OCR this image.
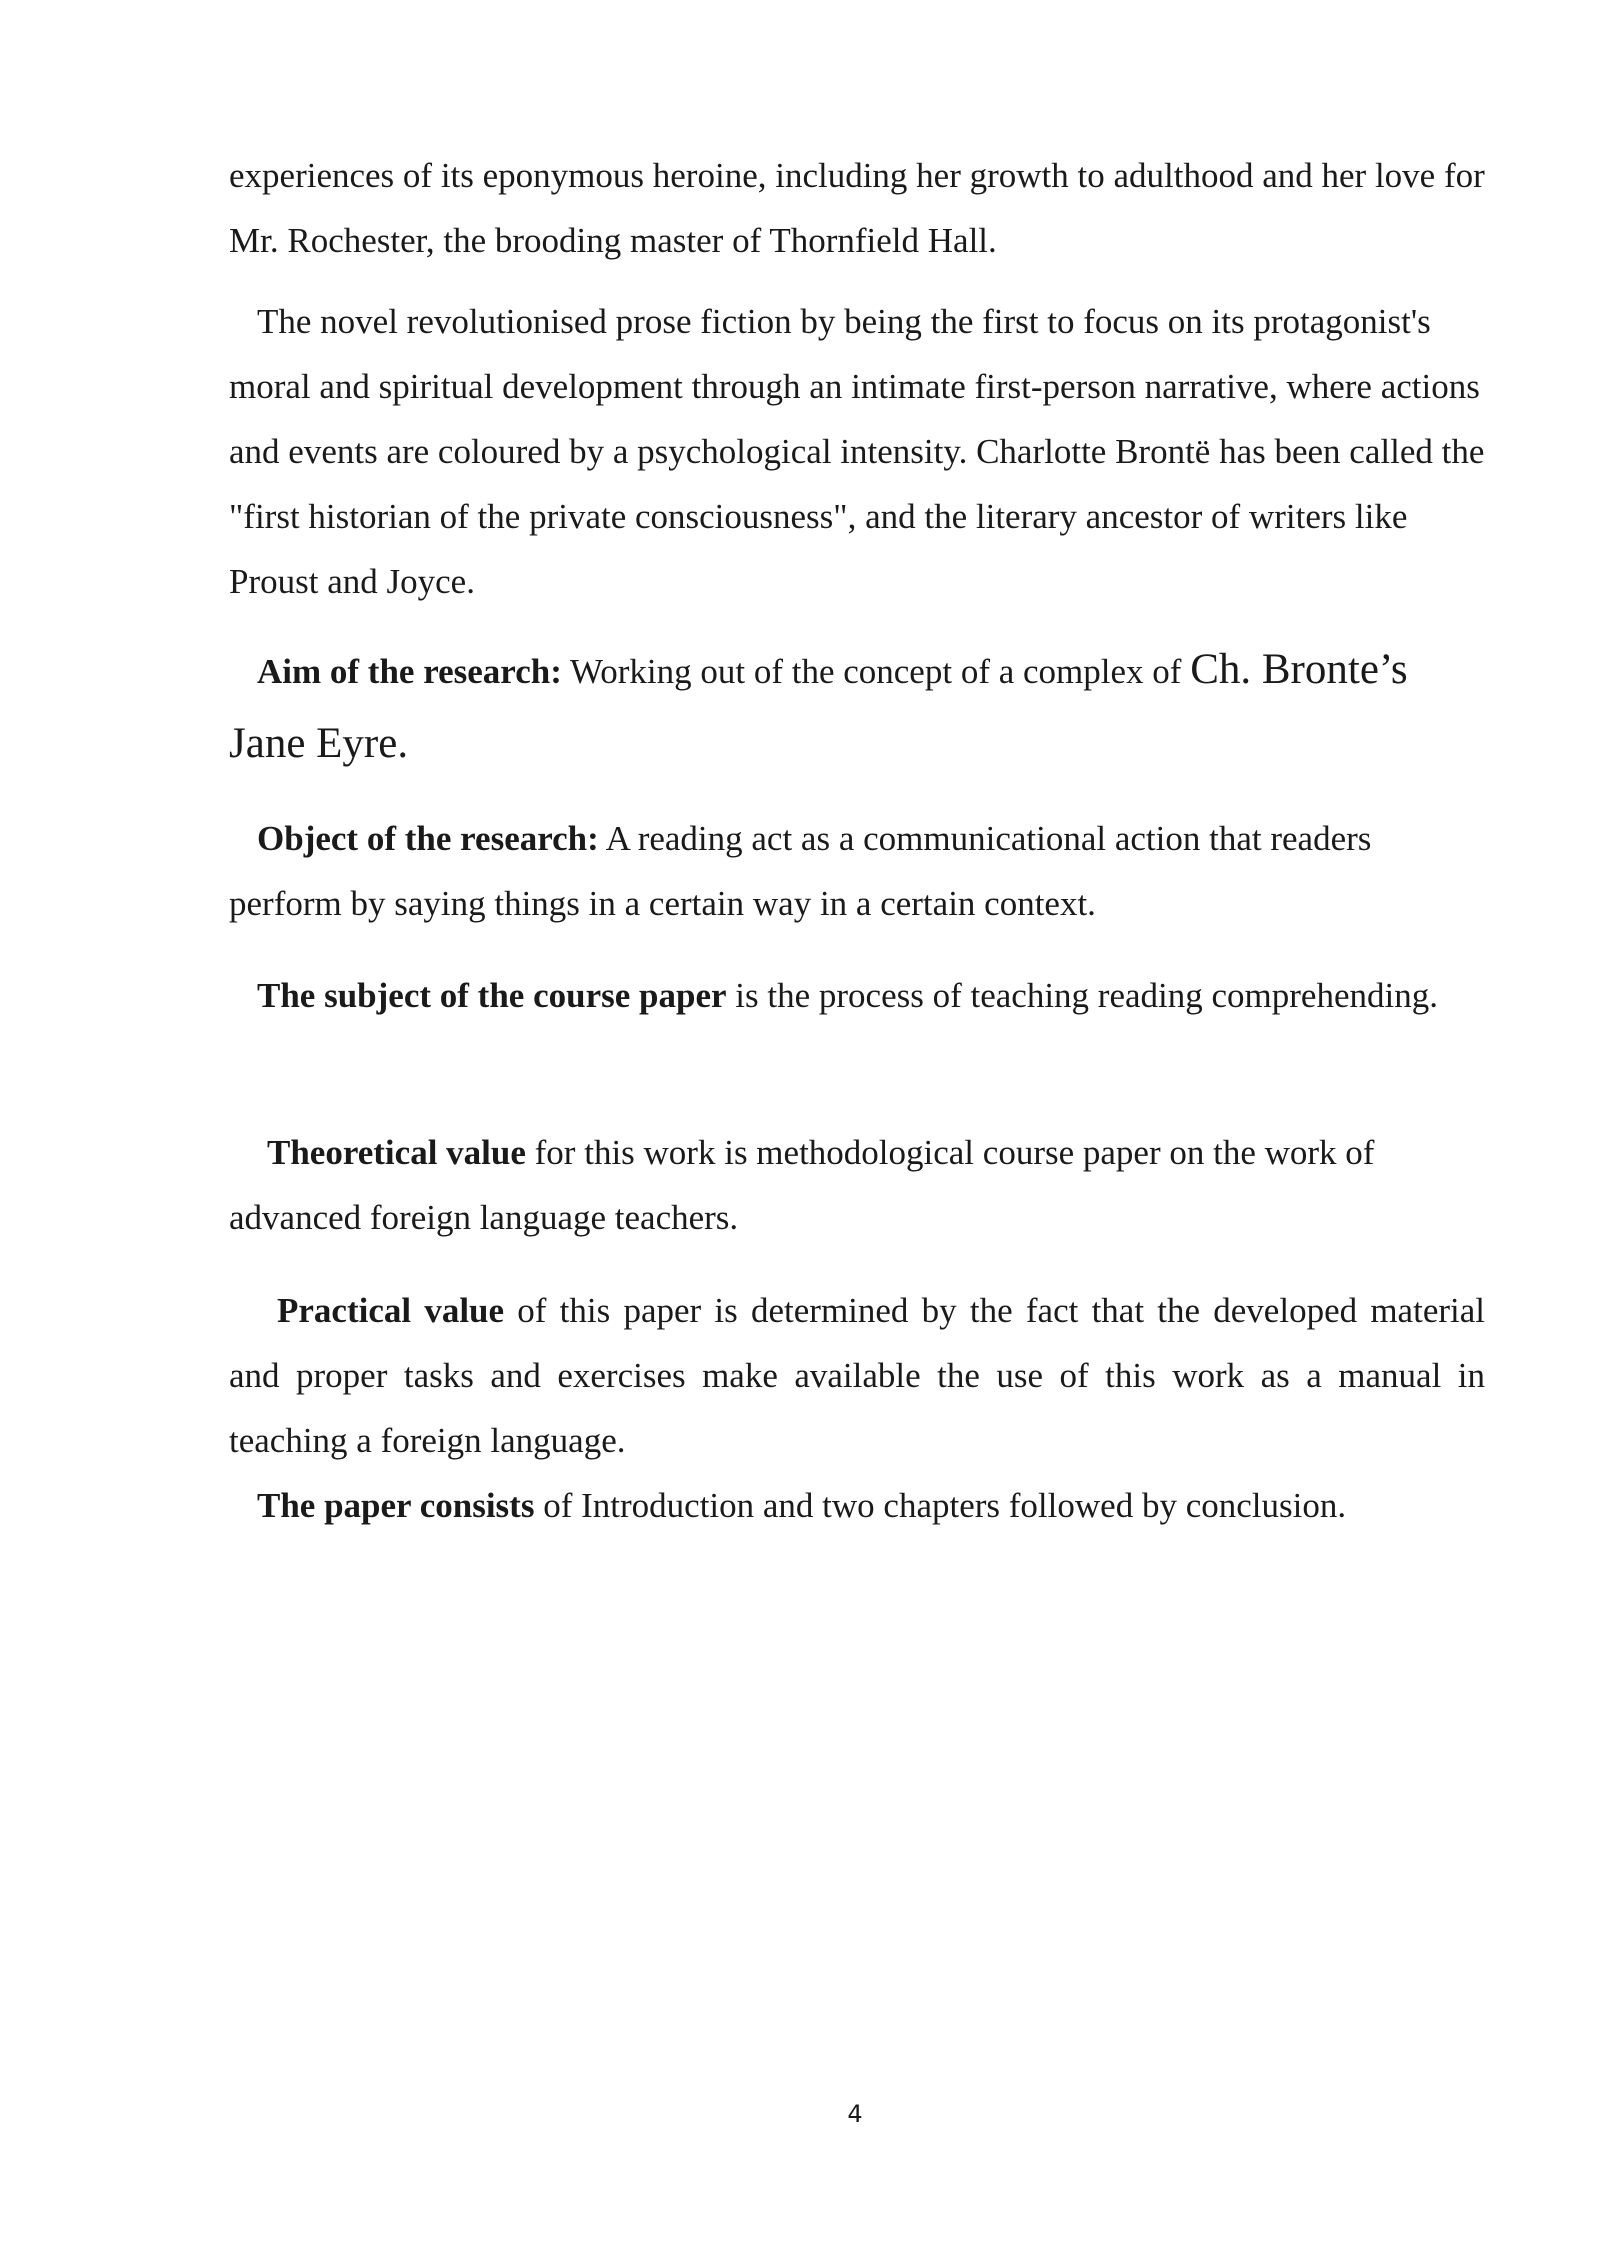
experiences of its eponymous heroine, including her growth to adulthood and her love for Mr. Rochester, the brooding master of Thornfield Hall.

The novel revolutionised prose fiction by being the first to focus on its protagonist's moral and spiritual development through an intimate first-person narrative, where actions and events are coloured by a psychological intensity. Charlotte Brontë has been called the "first historian of the private consciousness", and the literary ancestor of writers like Proust and Joyce.

Aim of the research: Working out of the concept of a complex of Ch. Bronte’s Jane Eyre.

Object of the research: A reading act as a communicational action that readers perform by saying things in a certain way in a certain context.

The subject of the course paper is the process of teaching reading comprehending.

Theoretical value for this work is methodological course paper on the work of advanced foreign language teachers.

Practical value of this paper is determined by the fact that the developed material and proper tasks and exercises make available the use of this work as a manual in teaching a foreign language.

The paper consists of Introduction and two chapters followed by conclusion.

4
